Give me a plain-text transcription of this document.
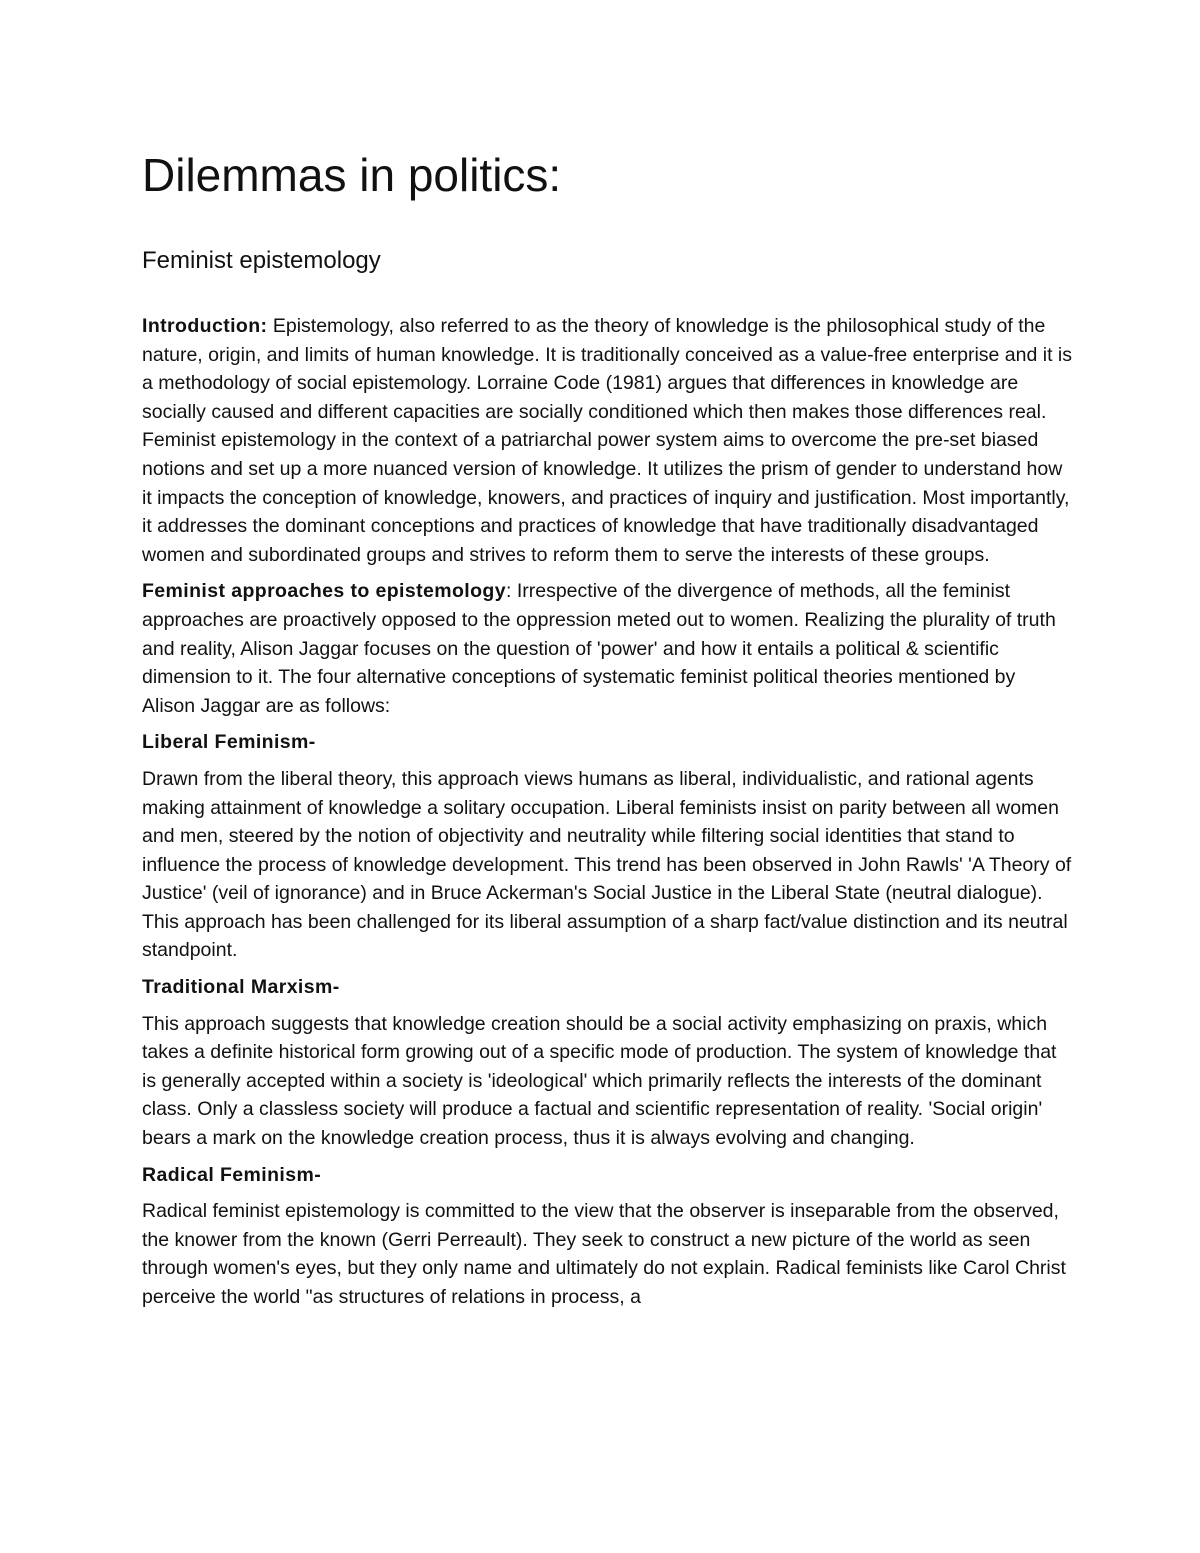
Dilemmas in politics:
Feminist epistemology

Introduction: Epistemology, also referred to as the theory of knowledge is the philosophical study of the nature, origin, and limits of human knowledge. It is traditionally conceived as a value-free enterprise and it is a methodology of social epistemology. Lorraine Code (1981) argues that differences in knowledge are socially caused and different capacities are socially conditioned which then makes those differences real. Feminist epistemology in the context of a patriarchal power system aims to overcome the pre-set biased notions and set up a more nuanced version of knowledge. It utilizes the prism of gender to understand how it impacts the conception of knowledge, knowers, and practices of inquiry and justification. Most importantly, it addresses the dominant conceptions and practices of knowledge that have traditionally disadvantaged women and subordinated groups and strives to reform them to serve the interests of these groups.

Feminist approaches to epistemology: Irrespective of the divergence of methods, all the feminist approaches are proactively opposed to the oppression meted out to women. Realizing the plurality of truth and reality, Alison Jaggar focuses on the question of 'power' and how it entails a political & scientific dimension to it. The four alternative conceptions of systematic feminist political theories mentioned by Alison Jaggar are as follows:

Liberal Feminism-

Drawn from the liberal theory, this approach views humans as liberal, individualistic, and rational agents making attainment of knowledge a solitary occupation. Liberal feminists insist on parity between all women and men, steered by the notion of objectivity and neutrality while filtering social identities that stand to influence the process of knowledge development. This trend has been observed in John Rawls' 'A Theory of Justice' (veil of ignorance) and in Bruce Ackerman's Social Justice in the Liberal State (neutral dialogue). This approach has been challenged for its liberal assumption of a sharp fact/value distinction and its neutral standpoint.

Traditional Marxism-

This approach suggests that knowledge creation should be a social activity emphasizing on praxis, which takes a definite historical form growing out of a specific mode of production. The system of knowledge that is generally accepted within a society is 'ideological' which primarily reflects the interests of the dominant class. Only a classless society will produce a factual and scientific representation of reality. 'Social origin' bears a mark on the knowledge creation process, thus it is always evolving and changing.

Radical Feminism-

Radical feminist epistemology is committed to the view that the observer is inseparable from the observed, the knower from the known (Gerri Perreault). They seek to construct a new picture of the world as seen through women's eyes, but they only name and ultimately do not explain. Radical feminists like Carol Christ perceive the world "as structures of relations in process, a
